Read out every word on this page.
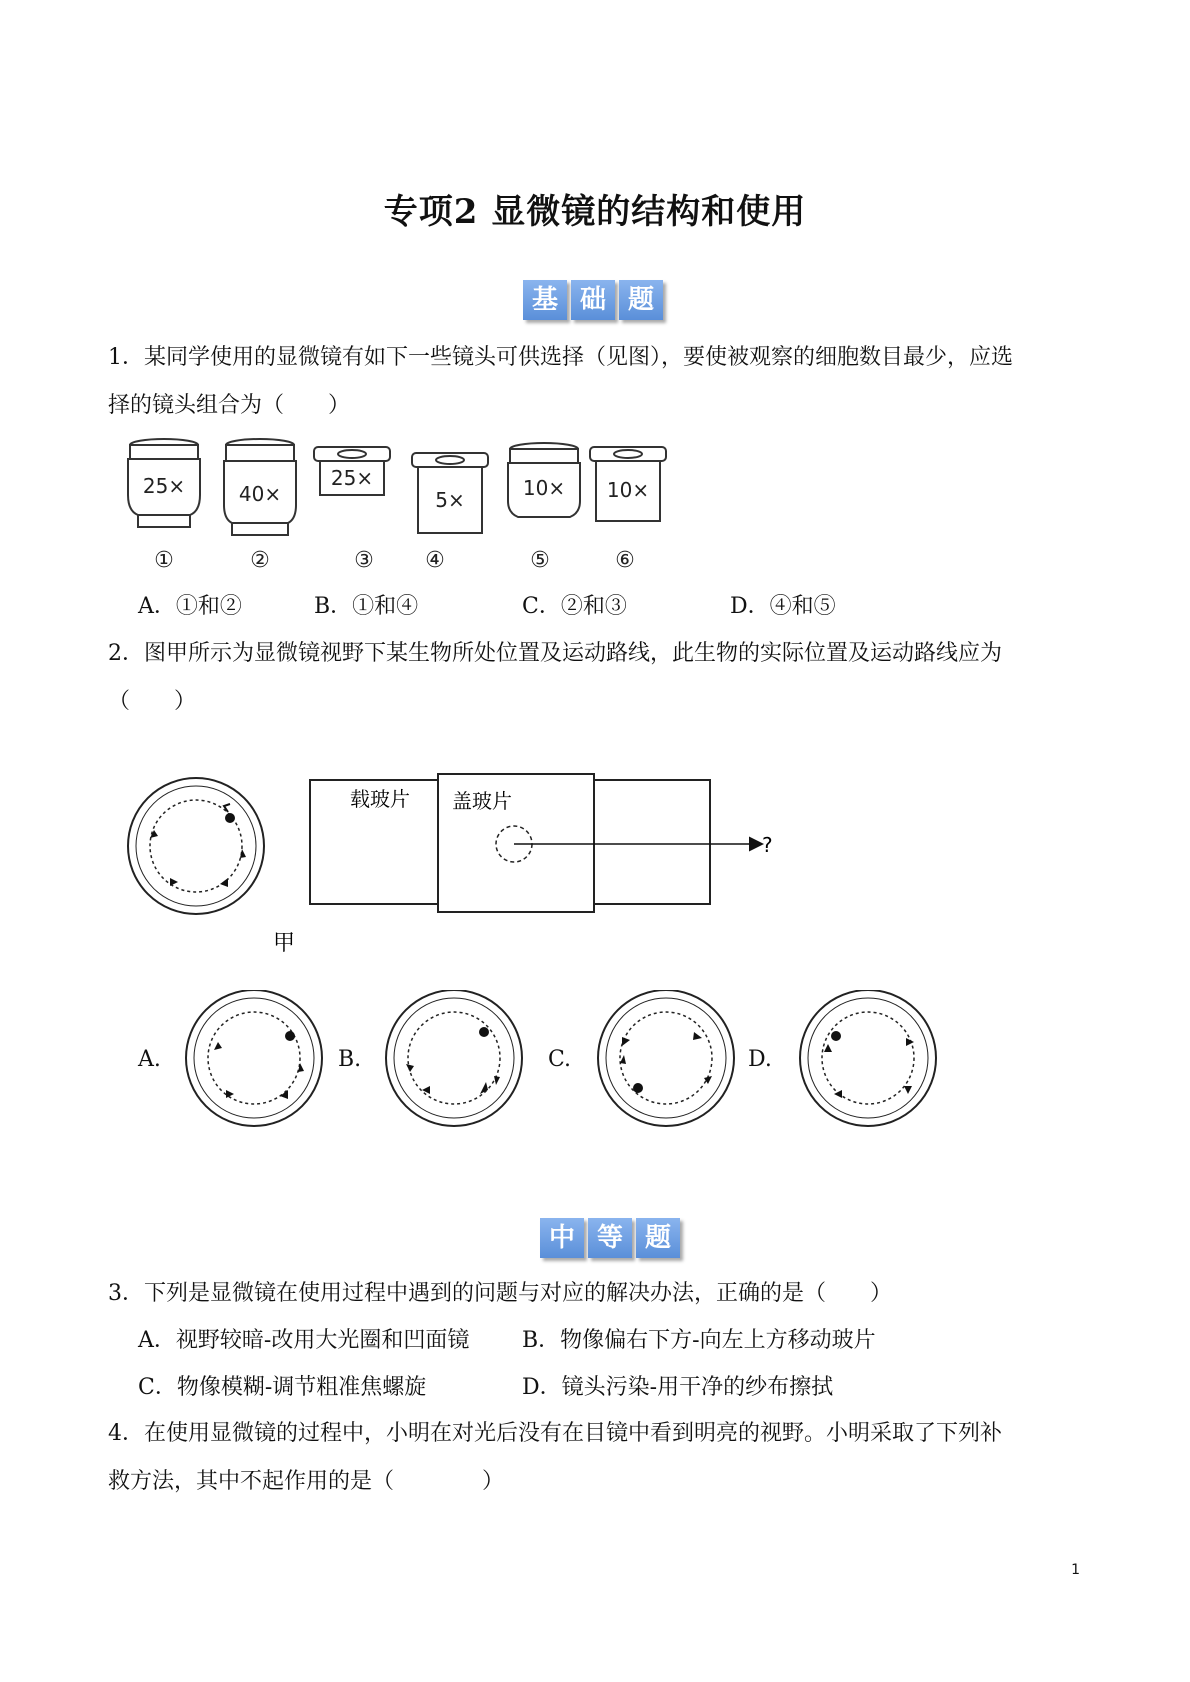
专项2 显微镜的结构和使用
基 础 题
1．某同学使用的显微镜有如下一些镜头可供选择（见图），要使被观察的细胞数目最少，应选
择的镜头组合为（　　）
25×	40×
25×
5×	10× 10×
①	②	③ ④	⑤	⑥
A．①和②	B．①和④	C．②和③	D．④和⑤
2．图甲所示为显微镜视野下某生物所处位置及运动路线，此生物的实际位置及运动路线应为
（　　）
甲
载玻片 盖玻片
?
A.	B.	C.	D.
中 等 题
3．下列是显微镜在使用过程中遇到的问题与对应的解决办法，正确的是（　　）
A．视野较暗-改用大光圈和凹面镜 B．物像偏右下方-向左上方移动玻片
C．物像模糊-调节粗准焦螺旋	D．镜头污染-用干净的纱布擦拭
4．在使用显微镜的过程中，小明在对光后没有在目镜中看到明亮的视野。小明采取了下列补
救方法，其中不起作用的是（　　　　）
1
